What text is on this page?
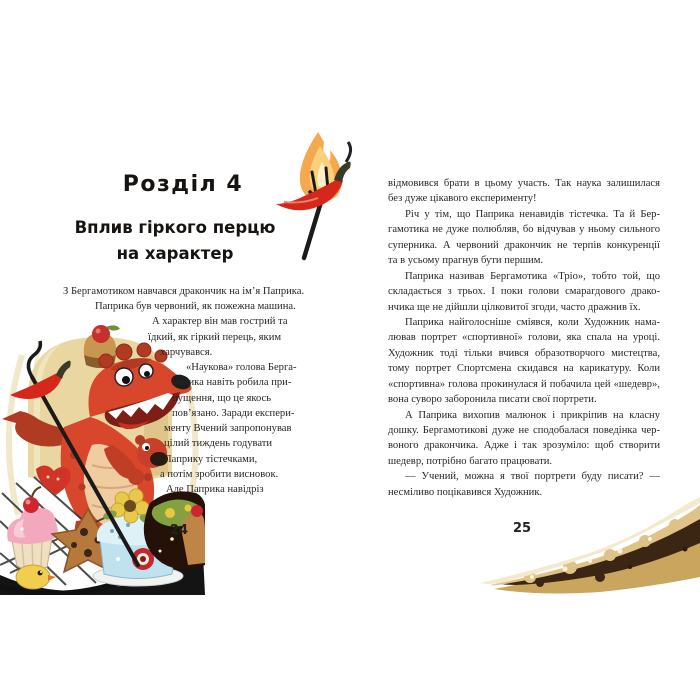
Розділ 4
Вплив гіркого перцю
на характер
З Бергамотиком навчався дракончик на ім’я Паприка.
Паприка був червоний, як пожежна машина.
А характер він мав гострий та
їдкий, як гіркий перець, яким
харчувався.
«Наукова» голова Берга-
мотика навіть робила при-
пущення, що це якось
пов’язано. Заради експери-
менту Вчений запропонував
цілий тиждень годувати
Паприку тістечками,
а потім зробити висновок.
Але Паприка навідріз
24
відмовився брати в цьому участь. Так наука залишилася
без дуже цікавого експерименту!
Річ у тім, що Паприка ненавидів тістечка. Та й Бер-
гамотика не дуже полюбляв, бо відчував у ньому сильного
суперника. А червоний дракончик не терпів конкуренції
та в усьому прагнув бути першим.
Паприка називав Бергамотика «Тріо», тобто той, що
складається з трьох. І поки голови смарагдового драко-
нчика ще не дійшли цілковитої згоди, часто дражнив їх.
Паприка найголосніше сміявся, коли Художник нама-
лював портрет «спортивної» голови, яка спала на уроці.
Художник тоді тільки вчився образотворчого мистецтва,
тому портрет Спортсмена скидався на карикатуру. Коли
«спортивна» голова прокинулася й побачила цей «шедевр»,
вона суворо заборонила писати свої портрети.
А Паприка вихопив малюнок і прикріпив на класну
дошку. Бергамотикові дуже не сподобалася поведінка чер-
воного дракончика. Адже і так зрозуміло: щоб створити
шедевр, потрібно багато працювати.
— Учений, можна я твої портрети буду писати? —
несміливо поцікавився Художник.
25
